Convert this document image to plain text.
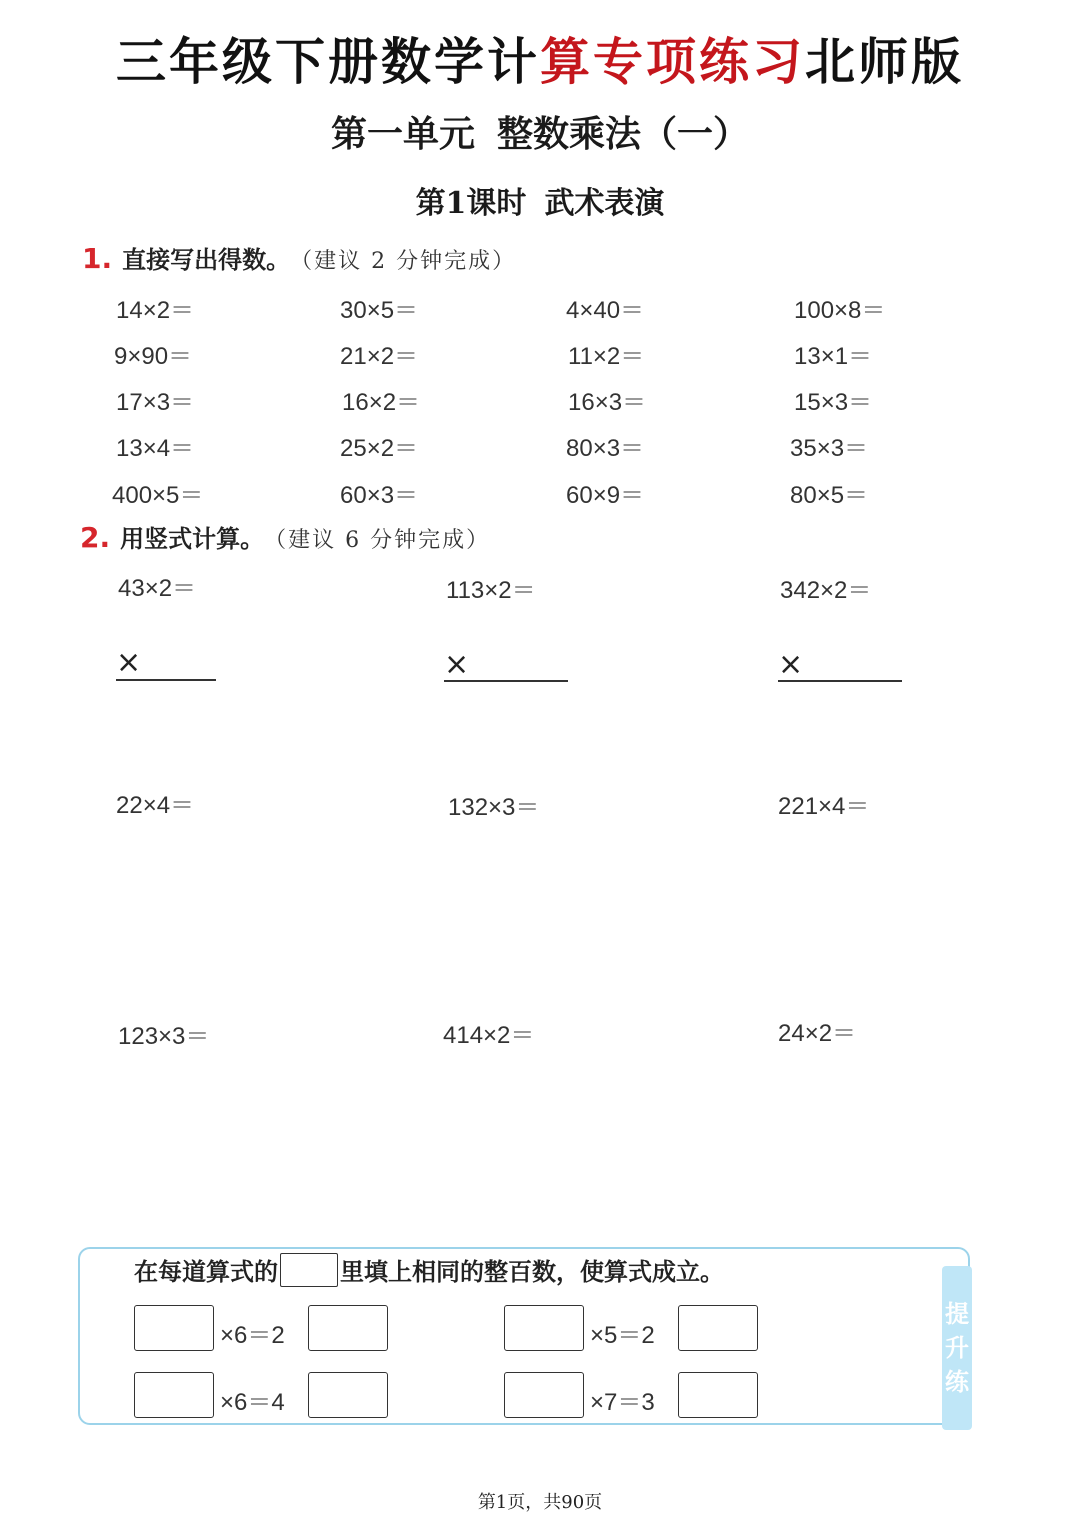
三年级下册数学计算专项练习北师版
第一单元 整数乘法（一）
第1课时 武术表演
1. 直接写出得数。 （建议 2 分钟完成）
14×2＝	30×5＝	4×40＝	100×8＝
9×90＝	21×2＝	11×2＝	13×1＝
17×3＝	16×2＝	16×3＝	15×3＝
13×4＝	25×2＝	80×3＝	35×3＝
400×5＝	60×3＝	60×9＝	80×5＝
2. 用竖式计算。 （建议 6 分钟完成）
43×2＝	113×2＝	342×2＝
×	×	×
22×4＝	132×3＝	221×4＝
123×3＝	414×2＝	24×2＝
提
升
练
在每道算式的	里填上相同的整百数，使算式成立。
×6＝2	×5＝2
×6＝4	×7＝3
第1页，共90页
